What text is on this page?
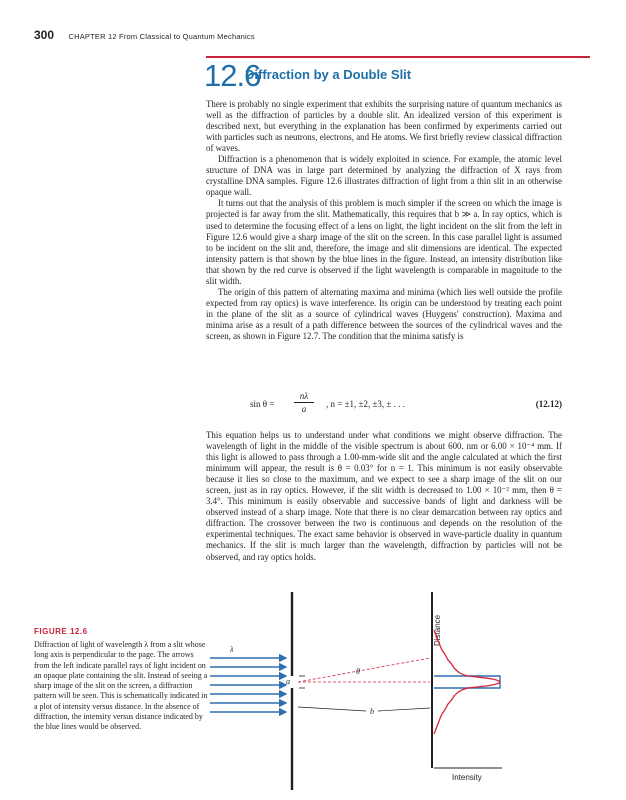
300 CHAPTER 12 From Classical to Quantum Mechanics
12.6
Diffraction by a Double Slit

There is probably no single experiment that exhibits the surprising nature of quantum mechanics as well as the diffraction of particles by a double slit. An idealized version of this experiment is described next, but everything in the explanation has been confirmed by experiments carried out with particles such as neutrons, electrons, and He atoms. We first briefly review classical diffraction of waves.

Diffraction is a phenomenon that is widely exploited in science. For example, the atomic level structure of DNA was in large part determined by analyzing the diffraction of X rays from crystalline DNA samples. Figure 12.6 illustrates diffraction of light from a thin slit in an otherwise opaque wall.

It turns out that the analysis of this problem is much simpler if the screen on which the image is projected is far away from the slit. Mathematically, this requires that b ≫ a. In ray optics, which is used to determine the focusing effect of a lens on light, the light incident on the slit from the left in Figure 12.6 would give a sharp image of the slit on the screen. In this case parallel light is assumed to be incident on the slit and, therefore, the image and slit dimensions are identical. The expected intensity pattern is that shown by the blue lines in the figure. Instead, an intensity distribution like that shown by the red curve is observed if the light wavelength is comparable in magnitude to the slit width.

The origin of this pattern of alternating maxima and minima (which lies well outside the profile expected from ray optics) is wave interference. Its origin can be understood by treating each point in the plane of the slit as a source of cylindrical waves (Huygens' construction). Maxima and minima arise as a result of a path difference between the sources of the cylindrical waves and the screen, as shown in Figure 12.7. The condition that the minima satisfy is

sin θ =
nλ
a	, n = ±1, ±2, ±3, ± . . .	(12.12)

This equation helps us to understand under what conditions we might observe diffraction. The wavelength of light in the middle of the visible spectrum is about 600. nm or 6.00 × 10⁻⁴ mm. If this light is allowed to pass through a 1.00-mm-wide slit and the angle calculated at which the first minimum will appear, the result is θ = 0.03° for n = 1. This minimum is not easily observable because it lies so close to the maximum, and we expect to see a sharp image of the slit on our screen, just as in ray optics. However, if the slit width is decreased to 1.00 × 10⁻² mm, then θ = 3.4°. This minimum is easily observable and successive bands of light and darkness will be observed instead of a sharp image. Note that there is no clear demarcation between ray optics and diffraction. The crossover between the two is continuous and depends on the resolution of the experimental techniques. The exact same behavior is observed in wave-particle duality in quantum mechanics. If the slit is much larger than the wavelength, diffraction by particles will not be observed, and ray optics holds.

FIGURE 12.6
Diffraction of light of wavelength λ from a slit whose long axis is perpendicular to the page. The arrows from the left indicate parallel rays of light incident on an opaque plate containing the slit. Instead of seeing a sharp image of the slit on the screen, a diffraction pattern will be seen. This is schematically indicated in a plot of intensity versus distance. In the absence of diffraction, the intensity versus distance indicated by the blue lines would be observed.
a
λ
θ
b
Distance
Intensity
